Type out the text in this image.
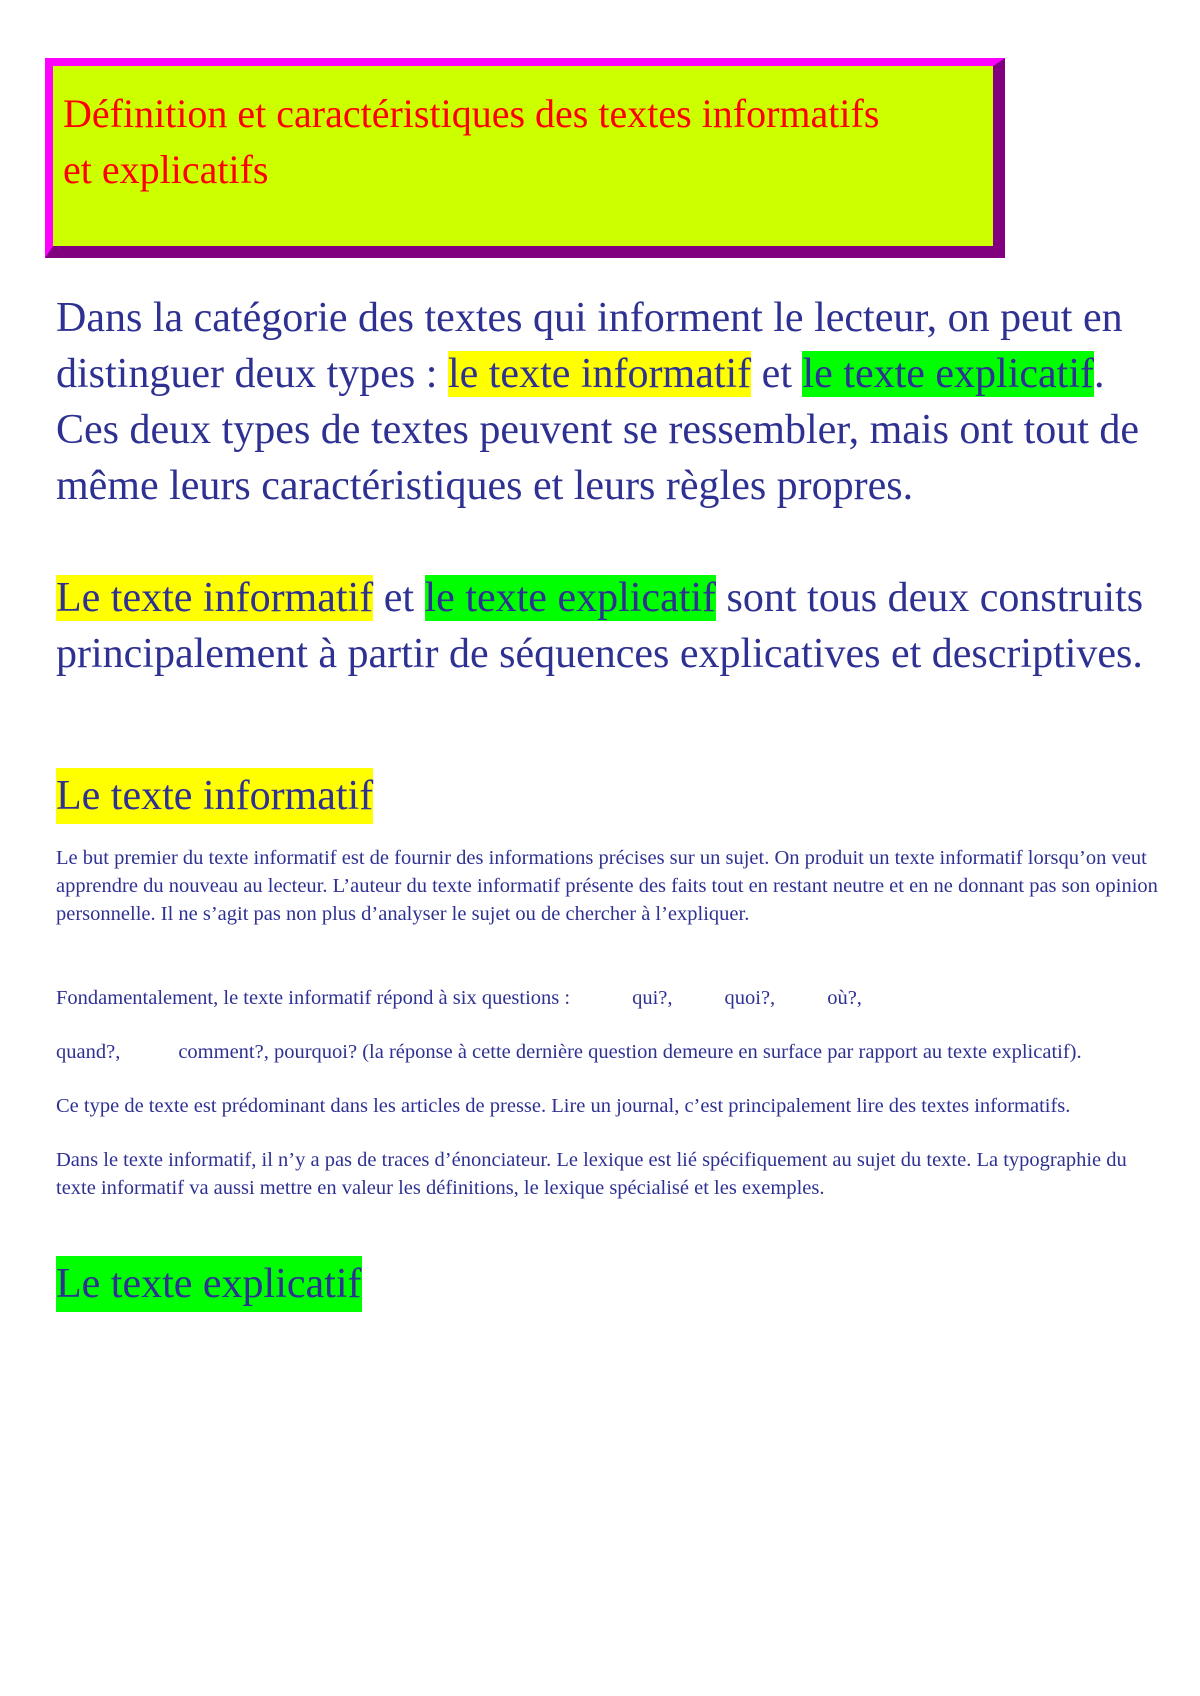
Définition et caractéristiques des textes informatifs et explicatifs

Dans la catégorie des textes qui informent le lecteur, on peut en distinguer deux types : le texte informatif et le texte explicatif. Ces deux types de textes peuvent se ressembler, mais ont tout de même leurs caractéristiques et leurs règles propres.

Le texte informatif et le texte explicatif sont tous deux construits principalement à partir de séquences explicatives et descriptives.

Le texte informatif

Le but premier du texte informatif est de fournir des informations précises sur un sujet. On produit un texte informatif lorsqu’on veut apprendre du nouveau au lecteur. L’auteur du texte informatif présente des faits tout en restant neutre et en ne donnant pas son opinion personnelle. Il ne s’agit pas non plus d’analyser le sujet ou de chercher à l’expliquer.

Fondamentalement, le texte informatif répond à six questions :	qui?,	quoi?,	où?,

quand?,	comment?, pourquoi? (la réponse à cette dernière question demeure en surface par rapport au texte explicatif).

Ce type de texte est prédominant dans les articles de presse. Lire un journal, c’est principalement lire des textes informatifs.

Dans le texte informatif, il n’y a pas de traces d’énonciateur. Le lexique est lié spécifiquement au sujet du texte. La typographie du texte informatif va aussi mettre en valeur les définitions, le lexique spécialisé et les exemples.

Le texte explicatif
